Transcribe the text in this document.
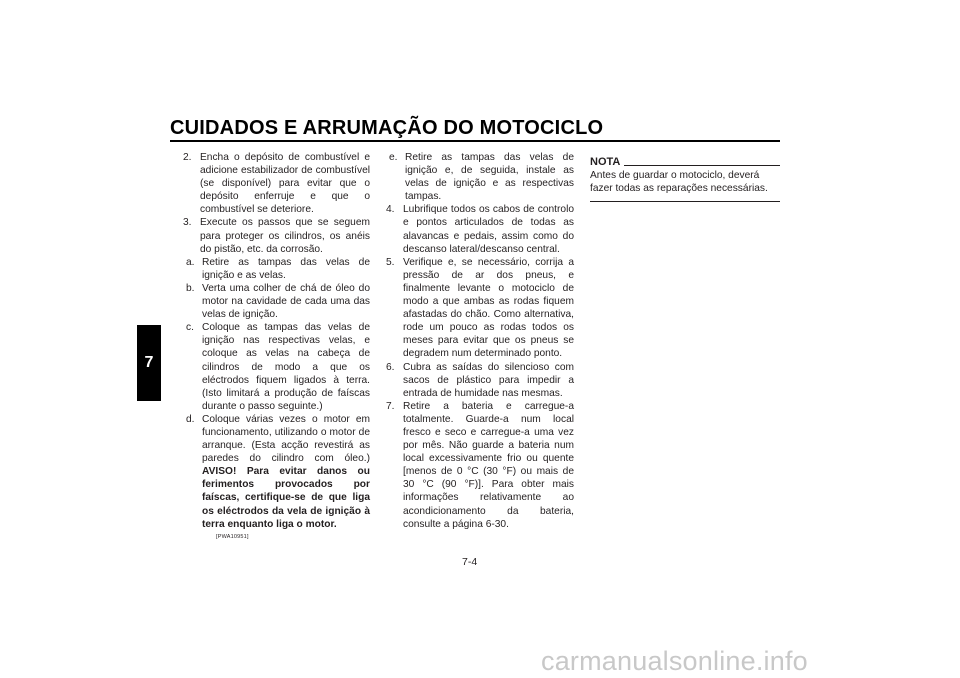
CUIDADOS E ARRUMAÇÃO DO MOTOCICLO
7

2. Encha o depósito de combustível e adicione estabilizador de combustível (se disponível) para evitar que o depósito enferruje e que o combustível se deteriore.

3. Execute os passos que se seguem para proteger os cilindros, os anéis do pistão, etc. da corrosão.

a. Retire as tampas das velas de ignição e as velas.
b. Verta uma colher de chá de óleo do motor na cavidade de cada uma das velas de ignição.
c. Coloque as tampas das velas de ignição nas respectivas velas, e coloque as velas na cabeça de cilindros de modo a que os eléctrodos fiquem ligados à terra. (Isto limitará a produção de faíscas durante o passo seguinte.)
d. Coloque várias vezes o motor em funcionamento, utilizando o motor de arranque. (Esta acção revestirá as paredes do cilindro com óleo.) AVISO! Para evitar danos ou ferimentos provocados por faíscas, certifique-se de que liga os eléctrodos da vela de ignição à terra enquanto liga o motor.
[PWA10951]
e. Retire as tampas das velas de ignição e, de seguida, instale as velas de ignição e as respectivas tampas.

4. Lubrifique todos os cabos de controlo e pontos articulados de todas as alavancas e pedais, assim como do descanso lateral/descanso central.

5. Verifique e, se necessário, corrija a pressão de ar dos pneus, e finalmente levante o motociclo de modo a que ambas as rodas fiquem afastadas do chão. Como alternativa, rode um pouco as rodas todos os meses para evitar que os pneus se degradem num determinado ponto.

6. Cubra as saídas do silencioso com sacos de plástico para impedir a entrada de humidade nas mesmas.

7. Retire a bateria e carregue-a totalmente. Guarde-a num local fresco e seco e carregue-a uma vez por mês. Não guarde a bateria num local excessivamente frio ou quente [menos de 0 °C (30 °F) ou mais de 30 °C (90 °F)]. Para obter mais informações relativamente ao acondicionamento da bateria, consulte a página 6-30.

NOTA
Antes de guardar o motociclo, deverá fazer todas as reparações necessárias.
7-4
carmanualsonline.info
